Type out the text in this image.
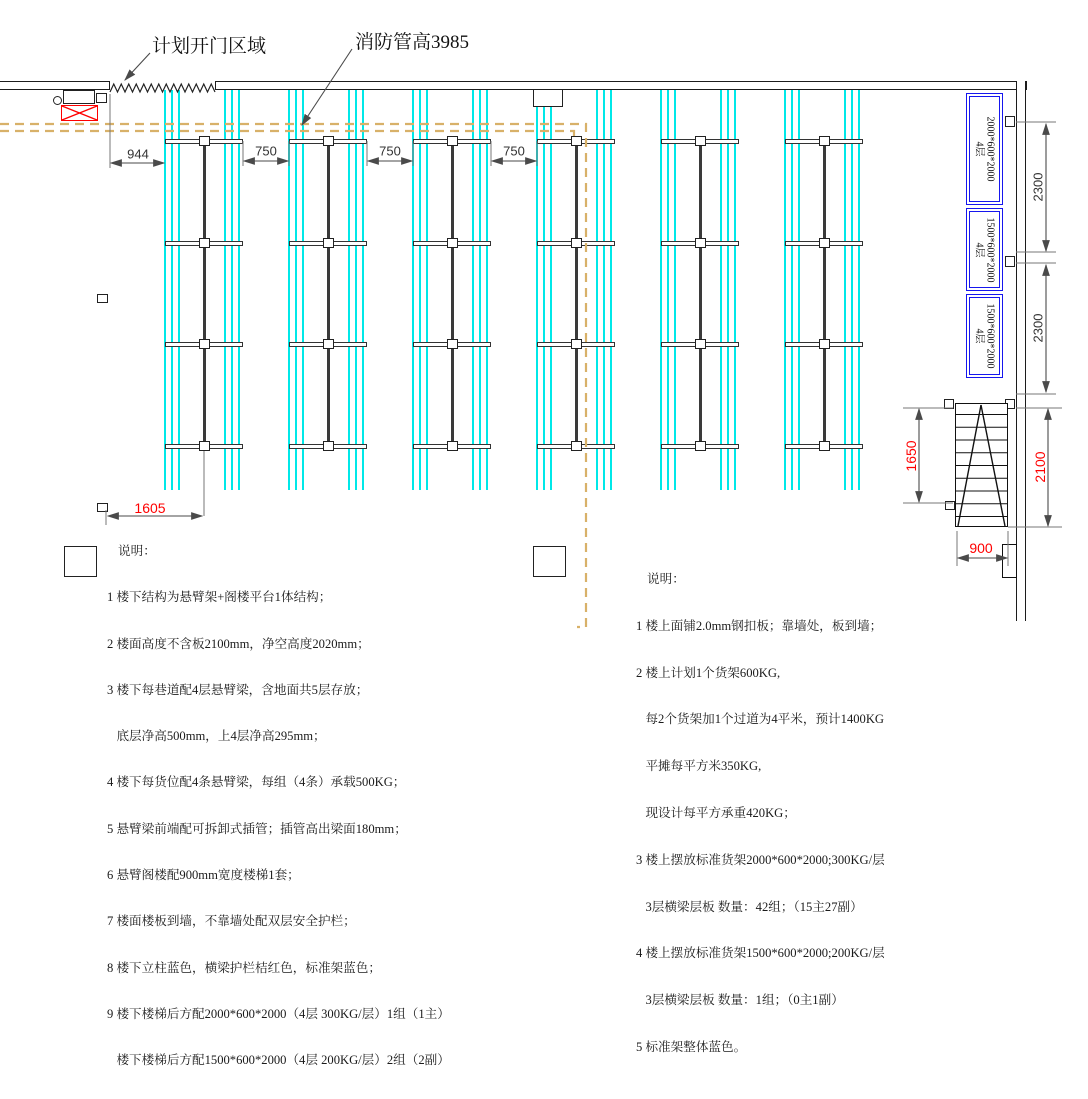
2000*600*2000
4层
1500*600*2000
4层
1500*600*2000
4层
计划开门区域	消防管高3985
944	750	750	750
1605
2300
2300
1650	2100
900

说明：

1 楼下结构为悬臂架+阁楼平台1体结构；

2 楼面高度不含板2100mm，净空高度2020mm；

3 楼下每巷道配4层悬臂梁，含地面共5层存放；

底层净高500mm，上4层净高295mm；

4 楼下每货位配4条悬臂梁，每组（4条）承载500KG；

5 悬臂梁前端配可拆卸式插管；插管高出梁面180mm；

6 悬臂阁楼配900mm宽度楼梯1套；

7 楼面楼板到墙，不靠墙处配双层安全护栏；

8 楼下立柱蓝色，横梁护栏桔红色，标准架蓝色；

9 楼下楼梯后方配2000*600*2000（4层 300KG/层）1组（1主）

楼下楼梯后方配1500*600*2000（4层 200KG/层）2组（2副）

说明：

1 楼上面铺2.0mm钢扣板；靠墙处，板到墙；

2 楼上计划1个货架600KG,

每2个货架加1个过道为4平米，预计1400KG

平摊每平方米350KG,

现设计每平方承重420KG；

3 楼上摆放标准货架2000*600*2000;300KG/层

3层横梁层板 数量：42组；（15主27副）

4 楼上摆放标准货架1500*600*2000;200KG/层

3层横梁层板 数量：1组；（0主1副）

5 标准架整体蓝色。
